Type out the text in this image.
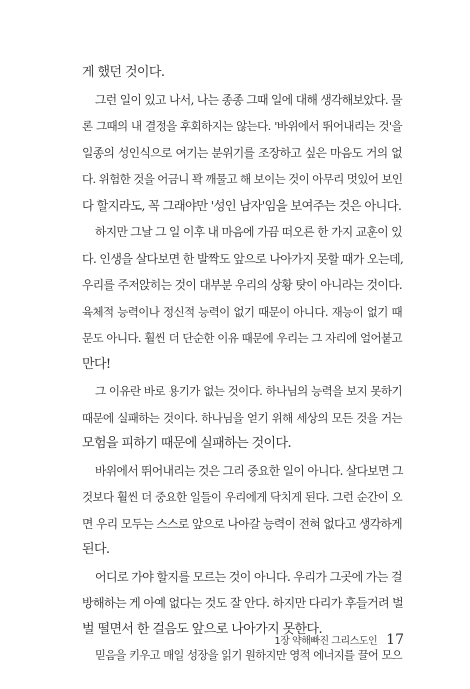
게 했던 것이다.
그런 일이 있고 나서, 나는 종종 그때 일에 대해 생각해보았다. 물
론 그때의 내 결정을 후회하지는 않는다. '바위에서 뛰어내리는 것'을
일종의 성인식으로 여기는 분위기를 조장하고 싶은 마음도 거의 없
다. 위험한 것을 어금니 꽉 깨물고 해 보이는 것이 아무리 멋있어 보인
다 할지라도, 꼭 그래야만 '성인 남자'임을 보여주는 것은 아니다.
하지만 그날 그 일 이후 내 마음에 가끔 떠오른 한 가지 교훈이 있
다. 인생을 살다보면 한 발짝도 앞으로 나아가지 못할 때가 오는데,
우리를 주저앉히는 것이 대부분 우리의 상황 탓이 아니라는 것이다.
육체적 능력이나 정신적 능력이 없기 때문이 아니다. 재능이 없기 때
문도 아니다. 훨씬 더 단순한 이유 때문에 우리는 그 자리에 얼어붙고
만다!
그 이유란 바로 용기가 없는 것이다. 하나님의 능력을 보지 못하기
때문에 실패하는 것이다. 하나님을 얻기 위해 세상의 모든 것을 거는
모험을 피하기 때문에 실패하는 것이다.
바위에서 뛰어내리는 것은 그리 중요한 일이 아니다. 살다보면 그
것보다 훨씬 더 중요한 일들이 우리에게 닥치게 된다. 그런 순간이 오
면 우리 모두는 스스로 앞으로 나아갈 능력이 전혀 없다고 생각하게
된다.
어디로 가야 할지를 모르는 것이 아니다. 우리가 그곳에 가는 걸
방해하는 게 아예 없다는 것도 잘 안다. 하지만 다리가 후들거려 벌
벌 떨면서 한 걸음도 앞으로 나아가지 못한다.
믿음을 키우고 매일 성장을 읽기 원하지만 영적 에너지를 끌어 모으
1장 약해빠진 그리스도인 17
